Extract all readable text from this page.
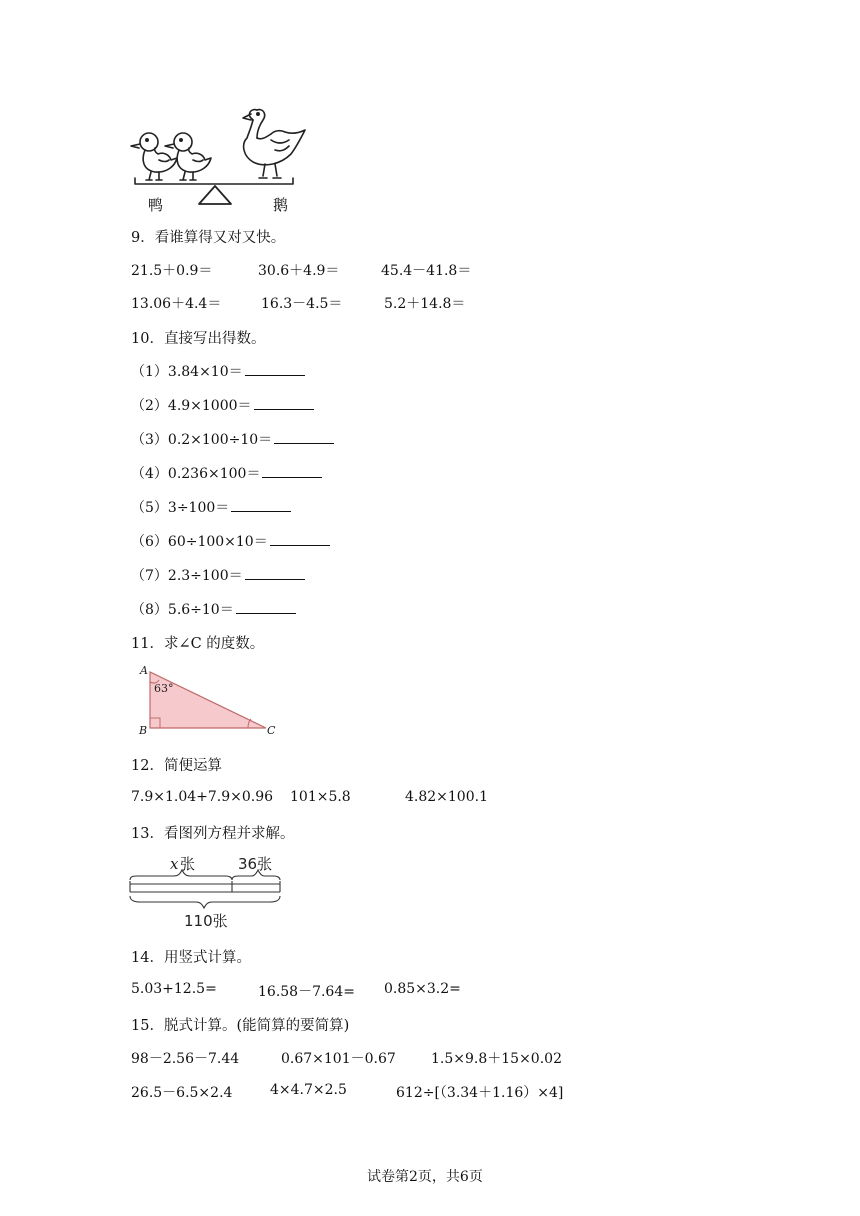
鸭	鹅
9．看谁算得又对又快。
21.5＋0.9＝	30.6＋4.9＝	45.4－41.8＝
13.06＋4.4＝	16.3－4.5＝	5.2＋14.8＝
10．直接写出得数。
（1）3.84×10＝
（2）4.9×1000＝
（3）0.2×100÷10＝
（4）0.236×100＝
（5）3÷100＝
（6）60÷100×10＝
（7）2.3÷100＝
（8）5.6÷10＝
11．求∠C 的度数。
A
B	C
63°
12．简便运算
7.9×1.04+7.9×0.96 101×5.8	4.82×100.1
13．看图列方程并求解。
x 张	36张
110张
14．用竖式计算。
5.03+12.5=	16.58－7.64= 0.85×3.2=
15．脱式计算。(能简算的要简算)
98－2.56－7.44	0.67×101－0.67	1.5×9.8＋15×0.02
26.5－6.5×2.4	4×4.7×2.5	612÷[（3.34＋1.16）×4]
试卷第2页，共6页
